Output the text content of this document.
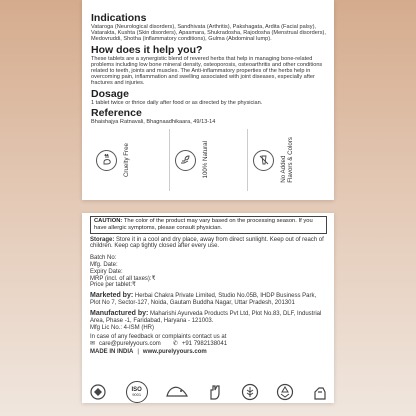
Indications

Vataroga (Neurological disorders), Sandhivata (Arthritis), Pakshagata, Ardita (Facial palsy), Vatarakta, Kushta (Skin disorders), Apasmara, Shukradosha, Rajodosha (Menstrual disorders), Medovruddi, Shotha (inflammatory conditions), Gulma (Abdominal lump).

How does it help you?

These tablets are a synergistic blend of revered herbs that help in managing bone-related problems including low bone mineral density, osteoporosis, osteoarthritis and other conditions related to teeth, joints and muscles. The Anti-inflammatory properties of the herbs help in overcoming pain, inflammation and swelling associated with joint diseases, especially after fractures and injuries.

Dosage

1 tablet twice or thrice daily after food or as directed by the physician.

Reference

Bhaishajya Ratnavali, Bhagnaadhikaara, 49/13-14

Cruelty Free	100% Natural	No Added
Flavors & Colors

CAUTION: The color of the product may vary based on the processing season. If you have allergic symptoms, please consult physician.

Storage: Store it in a cool and dry place, away from direct sunlight. Keep out of reach of children. Keep cap tightly closed after every use.

Batch No:

Mfg. Date:

Expiry Date:

MRP (incl. of all taxes):₹

Price per tablet:₹

Marketed by: Herbai Chakra Private Limited, Studio No.05B, IHDP Business Park, Plot No 7, Sector-127, Noida, Gautam Buddha Nagar, Uttar Pradesh, 201301

Manufactured by: Maharishi Ayurveda Products Pvt Ltd, Plot No.83, DLF, Industrial Area, Phase -1, Faridabad, Haryana - 121003.

Mfg Lic No.: 4-ISM (HR)

In case of any feedback or complaints contact us at

✉ care@purelyyours.com ✆ +91 7982138041

MADE IN INDIA | www.purelyyours.com

ISO
9001
